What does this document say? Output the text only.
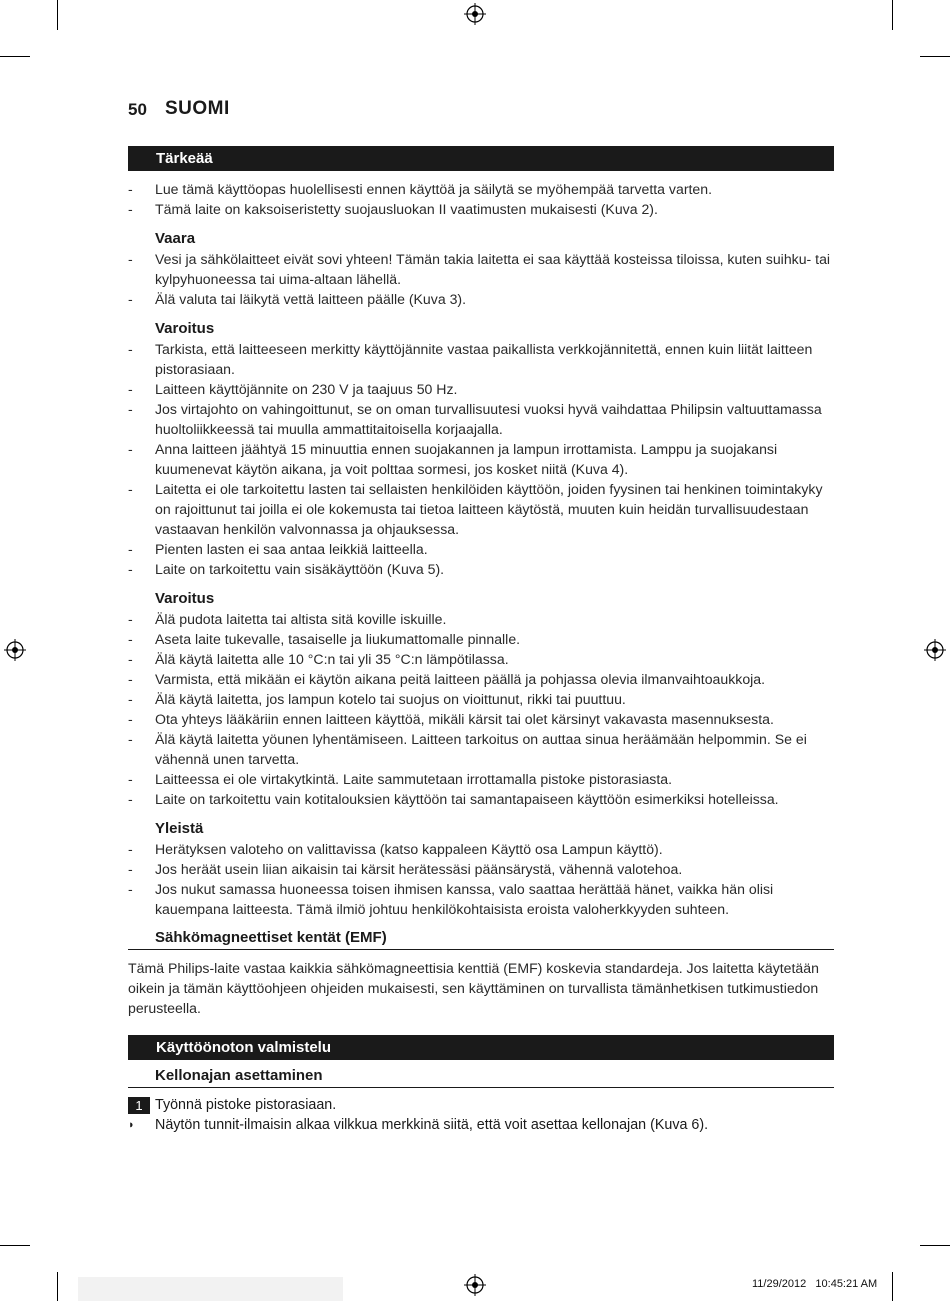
50 SUOMI
Tärkeää
- Lue tämä käyttöopas huolellisesti ennen käyttöä ja säilytä se myöhempää tarvetta varten.
- Tämä laite on kaksoiseristetty suojausluokan II vaatimusten mukaisesti (Kuva 2).
Vaara
- Vesi ja sähkölaitteet eivät sovi yhteen! Tämän takia laitetta ei saa käyttää kosteissa tiloissa, kuten suihku- tai kylpyhuoneessa tai uima-altaan lähellä.
- Älä valuta tai läikytä vettä laitteen päälle (Kuva 3).
Varoitus
- Tarkista, että laitteeseen merkitty käyttöjännite vastaa paikallista verkkojännitettä, ennen kuin liität laitteen pistorasiaan.
- Laitteen käyttöjännite on 230 V ja taajuus 50 Hz.
- Jos virtajohto on vahingoittunut, se on oman turvallisuutesi vuoksi hyvä vaihdattaa Philipsin valtuuttamassa huoltoliikkeessä tai muulla ammattitaitoisella korjaajalla.
- Anna laitteen jäähtyä 15 minuuttia ennen suojakannen ja lampun irrottamista. Lamppu ja suojakansi kuumenevat käytön aikana, ja voit polttaa sormesi, jos kosket niitä (Kuva 4).
- Laitetta ei ole tarkoitettu lasten tai sellaisten henkilöiden käyttöön, joiden fyysinen tai henkinen toimintakyky on rajoittunut tai joilla ei ole kokemusta tai tietoa laitteen käytöstä, muuten kuin heidän turvallisuudestaan vastaavan henkilön valvonnassa ja ohjauksessa.
- Pienten lasten ei saa antaa leikkiä laitteella.
- Laite on tarkoitettu vain sisäkäyttöön (Kuva 5).
Varoitus
- Älä pudota laitetta tai altista sitä koville iskuille.
- Aseta laite tukevalle, tasaiselle ja liukumattomalle pinnalle.
- Älä käytä laitetta alle 10 °C:n tai yli 35 °C:n lämpötilassa.
- Varmista, että mikään ei käytön aikana peitä laitteen päällä ja pohjassa olevia ilmanvaihtoaukkoja.
- Älä käytä laitetta, jos lampun kotelo tai suojus on vioittunut, rikki tai puuttuu.
- Ota yhteys lääkäriin ennen laitteen käyttöä, mikäli kärsit tai olet kärsinyt vakavasta masennuksesta.
- Älä käytä laitetta yöunen lyhentämiseen. Laitteen tarkoitus on auttaa sinua heräämään helpommin. Se ei vähennä unen tarvetta.
- Laitteessa ei ole virtakytkintä. Laite sammutetaan irrottamalla pistoke pistorasiasta.
- Laite on tarkoitettu vain kotitalouksien käyttöön tai samantapaiseen käyttöön esimerkiksi hotelleissa.
Yleistä
- Herätyksen valoteho on valittavissa (katso kappaleen Käyttö osa Lampun käyttö).
- Jos heräät usein liian aikaisin tai kärsit herätessäsi päänsärystä, vähennä valotehoa.
- Jos nukut samassa huoneessa toisen ihmisen kanssa, valo saattaa herättää hänet, vaikka hän olisi kauempana laitteesta. Tämä ilmiö johtuu henkilökohtaisista eroista valoherkkyyden suhteen.
Sähkömagneettiset kentät (EMF)
Tämä Philips-laite vastaa kaikkia sähkömagneettisia kenttiä (EMF) koskevia standardeja. Jos laitetta käytetään oikein ja tämän käyttöohjeen ohjeiden mukaisesti, sen käyttäminen on turvallista tämänhetkisen tutkimustiedon perusteella.
Käyttöönoton valmistelu
Kellonajan asettaminen
1 Työnnä pistoke pistorasiaan.
◗ Näytön tunnit-ilmaisin alkaa vilkkua merkkinä siitä, että voit asettaa kellonajan (Kuva 6).
11/29/2012   10:45:21 AM
